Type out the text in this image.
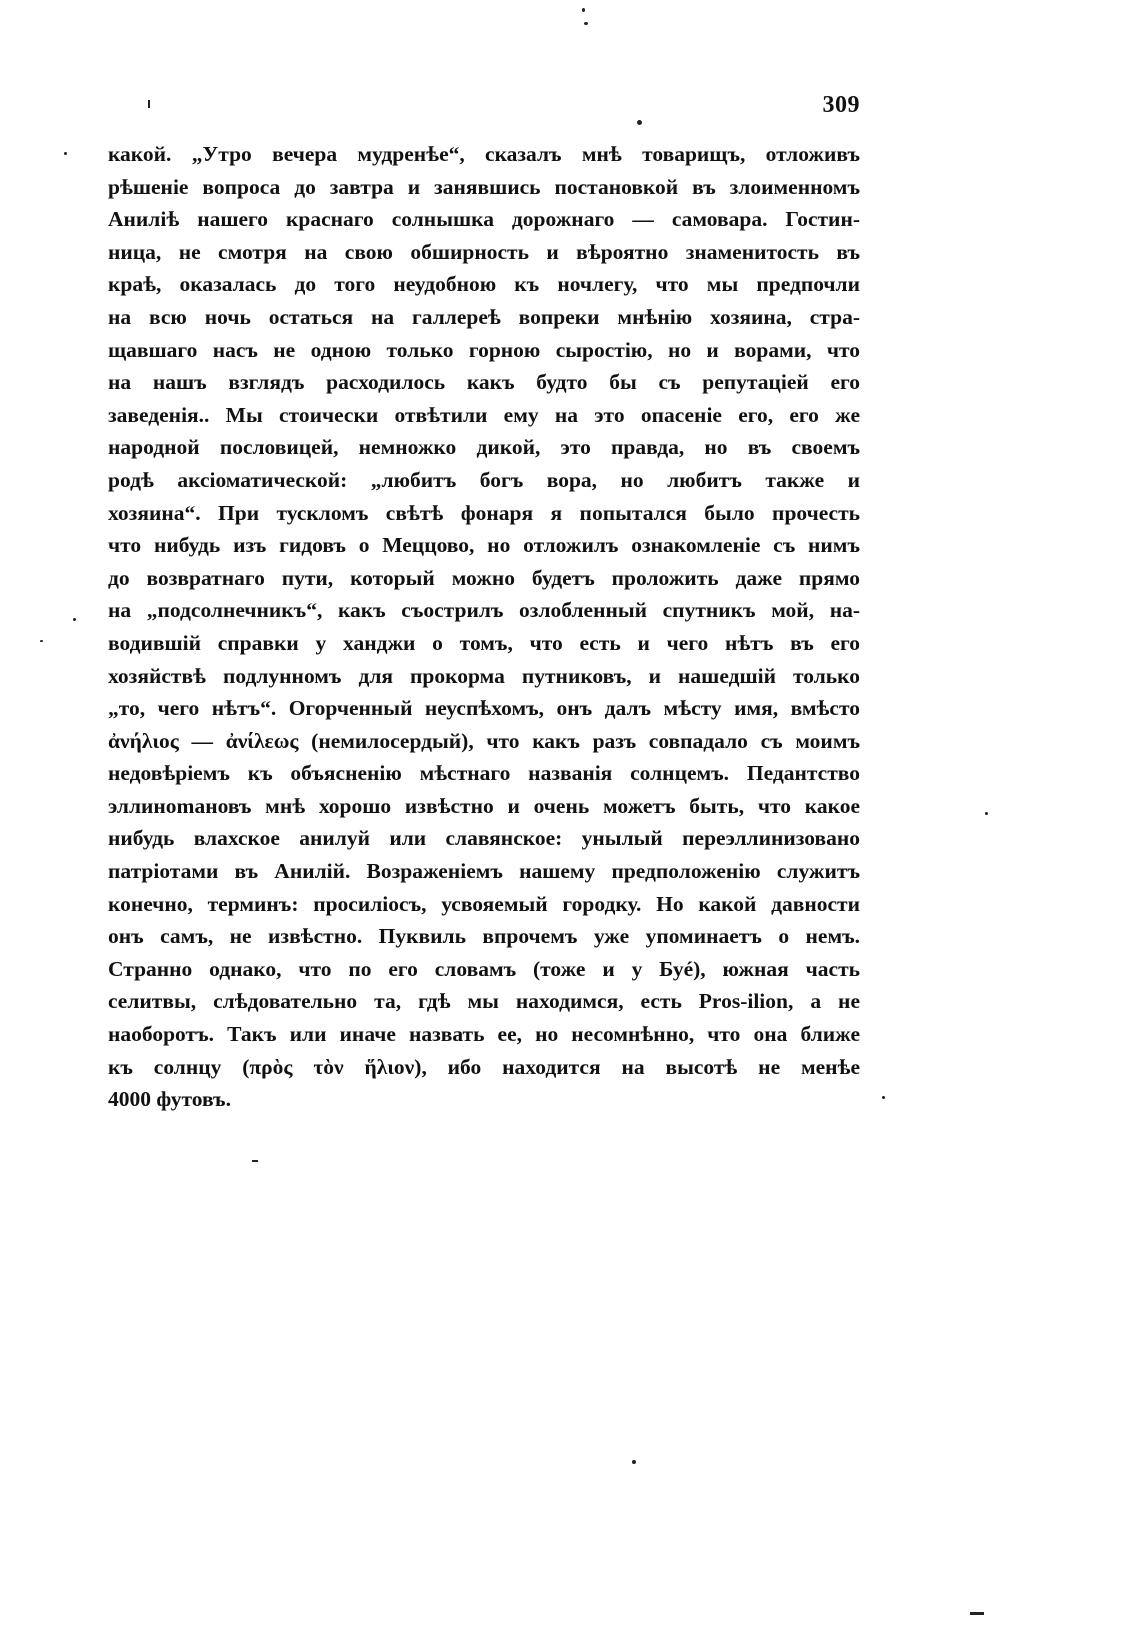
309
какой. „Утро вечера мудренѣе“, сказалъ мнѣ товарищъ, отложивъ
рѣшеніе вопроса до завтра и занявшись постановкой въ злоименномъ
Анилiѣ нашего краснаго солнышка дорожнаго — самовара. Гостин-
ница, не смотря на свою обширность и вѣроятно знаменитость въ
краѣ, оказалась до того неудобною къ ночлегу, что мы предпочли
на всю ночь остаться на галлереѣ вопреки мнѣнію хозяина, стра-
щавшаго насъ не одною только горною сыростію, но и ворами, что
на нашъ взглядъ расходилось какъ будто бы съ репутаціей его
заведенія.. Мы стоически отвѣтили ему на это опасеніе его, его же
народной пословицей, немножко дикой, это правда, но въ своемъ
родѣ аксіоматической: „любитъ богъ вора, но любитъ также и
хозяина“. При тускломъ свѣтѣ фонаря я попытался было прочесть
что нибудь изъ гидовъ о Меццово, но отложилъ ознакомленіе съ нимъ
до возвратнаго пути, который можно будетъ проложить даже прямо
на „подсолнечникъ“, какъ съострилъ озлобленный спутникъ мой, на-
водившій справки у ханджи о томъ, что есть и чего нѣтъ въ его
хозяйствѣ подлунномъ для прокорма путниковъ, и нашедшій только
„то, чего нѣтъ“. Огорченный неуспѣхомъ, онъ далъ мѣсту имя, вмѣсто
ἀνήλιος — ἀνίλεως (немилосердый), что какъ разъ совпадало съ моимъ
недовѣріемъ къ объясненію мѣстнаго названія солнцемъ. Педантство
эллиноmановъ мнѣ хорошо извѣстно и очень можетъ быть, что какое
нибудь влахское анилуй или славянское: унылый переэллинизовано
патріотами въ Анилiй. Возраженіемъ нашему предположенію служитъ
конечно, терминъ: просиліосъ, усвояемый городку. Но какой давности
онъ самъ, не извѣстно. Пуквиль впрочемъ уже упоминаетъ о немъ.
Странно однако, что по его словамъ (тоже и у Буé), южная часть
селитвы, слѣдовательно та, гдѣ мы находимся, есть Pros-ilion, а не
наоборотъ. Такъ или иначе назвать ее, но несомнѣнно, что она ближе
къ солнцу (πρὸς τὸν ἥλιον), ибо находится на высотѣ не менѣе
4000 футовъ.
